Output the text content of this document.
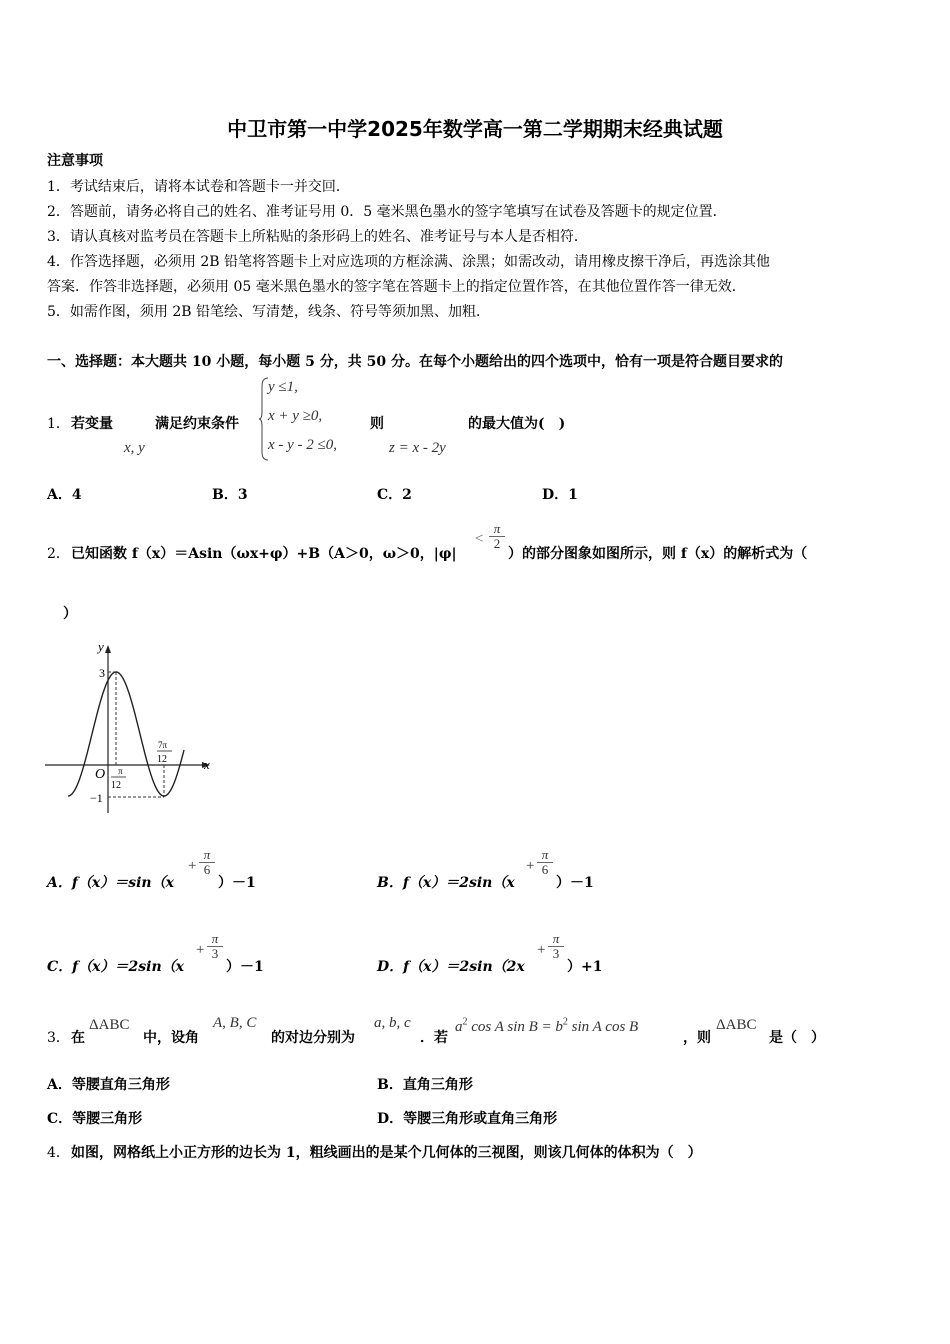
中卫市第一中学2025年数学高一第二学期期末经典试题
注意事项
1．考试结束后，请将本试卷和答题卡一并交回．
2．答题前，请务必将自己的姓名、准考证号用 0．5 毫米黑色墨水的签字笔填写在试卷及答题卡的规定位置．
3．请认真核对监考员在答题卡上所粘贴的条形码上的姓名、准考证号与本人是否相符．
4．作答选择题，必须用 2B 铅笔将答题卡上对应选项的方框涂满、涂黑；如需改动，请用橡皮擦干净后，再选涂其他
答案．作答非选择题，必须用 05 毫米黑色墨水的签字笔在答题卡上的指定位置作答，在其他位置作答一律无效．
5．如需作图，须用 2B 铅笔绘、写清楚，线条、符号等须加黑、加粗．
一、选择题：本大题共 10 小题，每小题 5 分，共 50 分。在每个小题给出的四个选项中，恰有一项是符合题目要求的
1． 若变量
x, y
满足约束条件
y ≤1,
x + y ≥0,
x - y - 2 ≤0,
则
z = x - 2y
的最大值为(　)
A．4	B．3	C．2	D．1
2． 已知函数 f（x）＝Asin（ωx+φ）+B（A＞0，ω＞0，|φ|
< $\frac{\pi}{2}$
）的部分图象如图所示，则 f（x）的解析式为（
）
y
x
O
3
−1
π
12
7π
12
A．f（x）＝sin（x
+ $\frac{\pi}{6}$
）－1	B．f（x）＝2sin（x
+ $\frac{\pi}{6}$
）－1
C．f（x）＝2sin（x
+ $\frac{\pi}{3}$
）－1	D．f（x）＝2sin（2x
+ $\frac{\pi}{3}$
）+1
3． 在
ΔABC
中，设角
A, B, C
的对边分别为
a, b, c
．若
$a^2$ cos A $\sin B = b^2$ sin A cos B
，则
ΔABC
是（　）
A．等腰直角三角形	B．直角三角形
C．等腰三角形	D．等腰三角形或直角三角形
4． 如图，网格纸上小正方形的边长为 1，粗线画出的是某个几何体的三视图，则该几何体的体积为（　）
